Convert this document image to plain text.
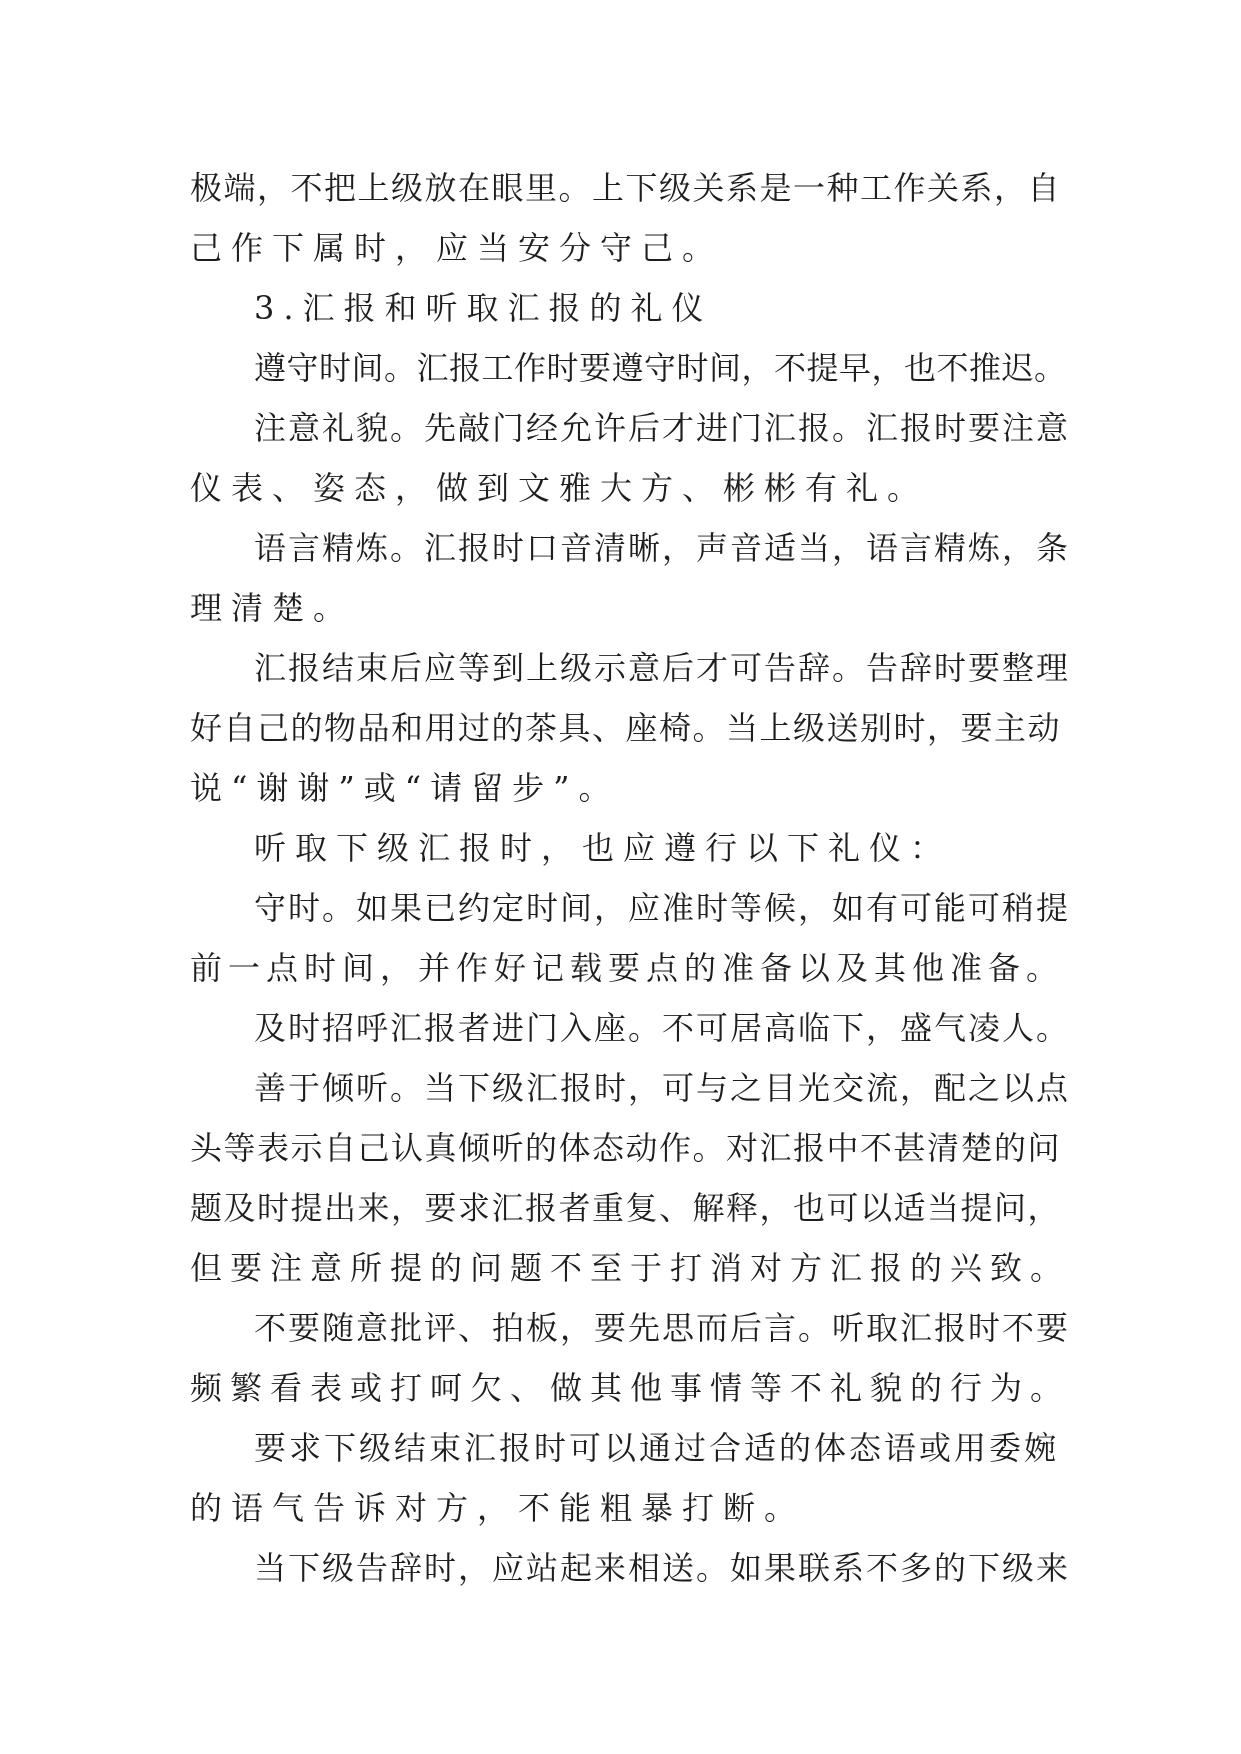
极端，不把上级放在眼里。上下级关系是一种工作关系，自
己作下属时，应当安分守己。
3.汇报和听取汇报的礼仪
遵守时间。汇报工作时要遵守时间，不提早，也不推迟。
注意礼貌。先敲门经允许后才进门汇报。汇报时要注意
仪表、姿态，做到文雅大方、彬彬有礼。
语言精炼。汇报时口音清晰，声音适当，语言精炼，条
理清楚。
汇报结束后应等到上级示意后才可告辞。告辞时要整理
好自己的物品和用过的茶具、座椅。当上级送别时，要主动
说“谢谢”或“请留步”。
听取下级汇报时，也应遵行以下礼仪：
守时。如果已约定时间，应准时等候，如有可能可稍提
前一点时间，并作好记载要点的准备以及其他准备。
及时招呼汇报者进门入座。不可居高临下，盛气凌人。
善于倾听。当下级汇报时，可与之目光交流，配之以点
头等表示自己认真倾听的体态动作。对汇报中不甚清楚的问
题及时提出来，要求汇报者重复、解释，也可以适当提问，
但要注意所提的问题不至于打消对方汇报的兴致。
不要随意批评、拍板，要先思而后言。听取汇报时不要
频繁看表或打呵欠、做其他事情等不礼貌的行为。
要求下级结束汇报时可以通过合适的体态语或用委婉
的语气告诉对方，不能粗暴打断。
当下级告辞时，应站起来相送。如果联系不多的下级来
